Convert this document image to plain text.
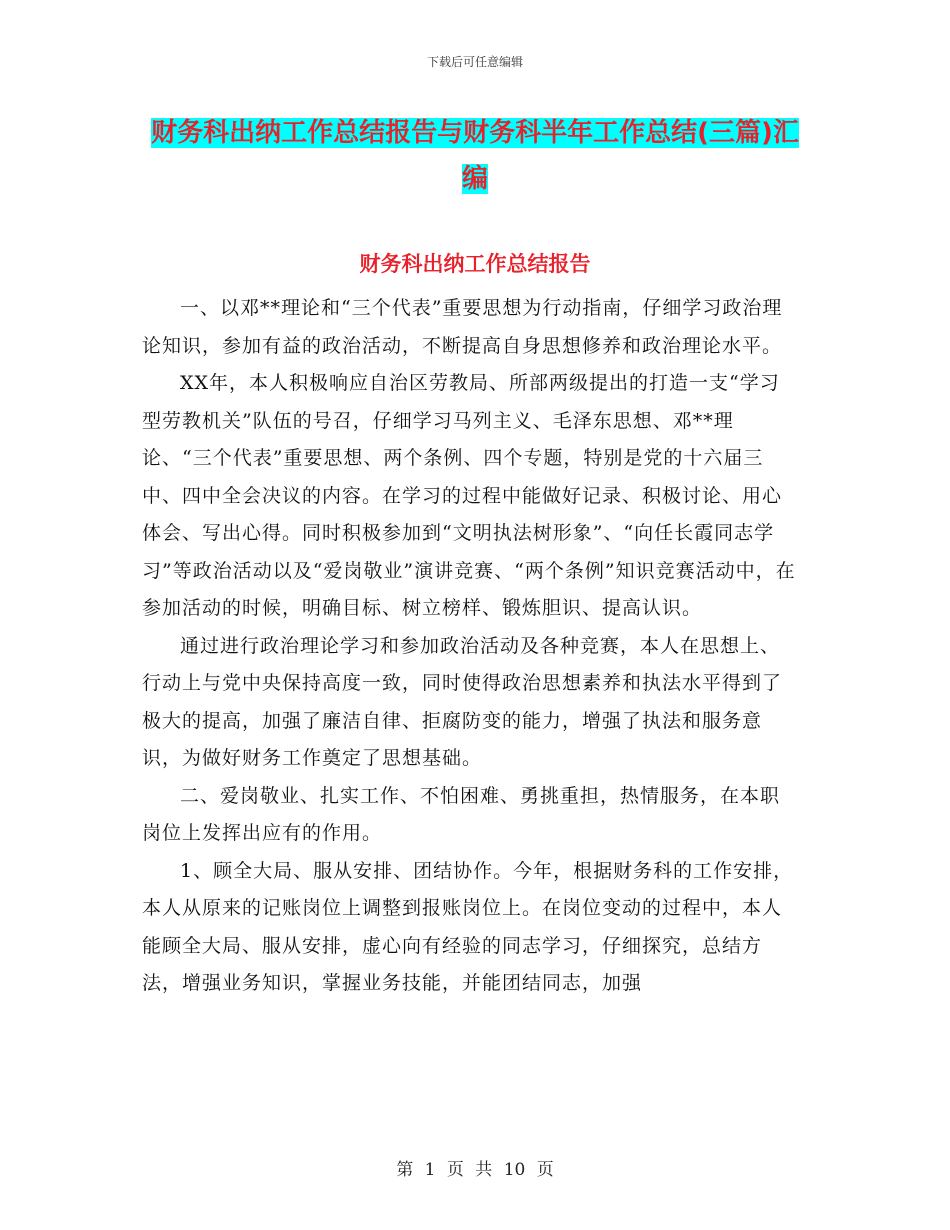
下载后可任意编辑
财务科出纳工作总结报告与财务科半年工作总结(三篇)汇编
财务科出纳工作总结报告

一、以邓**理论和“三个代表”重要思想为行动指南，仔细学习政治理论知识，参加有益的政治活动，不断提高自身思想修养和政治理论水平。

XX年，本人积极响应自治区劳教局、所部两级提出的打造一支“学习型劳教机关”队伍的号召，仔细学习马列主义、毛泽东思想、邓**理论、“三个代表”重要思想、两个条例、四个专题，特别是党的十六届三中、四中全会决议的内容。在学习的过程中能做好记录、积极讨论、用心体会、写出心得。同时积极参加到“文明执法树形象”、“向任长霞同志学习”等政治活动以及“爱岗敬业”演讲竞赛、“两个条例”知识竞赛活动中，在参加活动的时候，明确目标、树立榜样、锻炼胆识、提高认识。

通过进行政治理论学习和参加政治活动及各种竞赛，本人在思想上、行动上与党中央保持高度一致，同时使得政治思想素养和执法水平得到了极大的提高，加强了廉洁自律、拒腐防变的能力，增强了执法和服务意识，为做好财务工作奠定了思想基础。

二、爱岗敬业、扎实工作、不怕困难、勇挑重担，热情服务，在本职岗位上发挥出应有的作用。

1、顾全大局、服从安排、团结协作。今年，根据财务科的工作安排，本人从原来的记账岗位上调整到报账岗位上。在岗位变动的过程中，本人能顾全大局、服从安排，虚心向有经验的同志学习，仔细探究，总结方法，增强业务知识，掌握业务技能，并能团结同志，加强

第 1 页 共 10 页
